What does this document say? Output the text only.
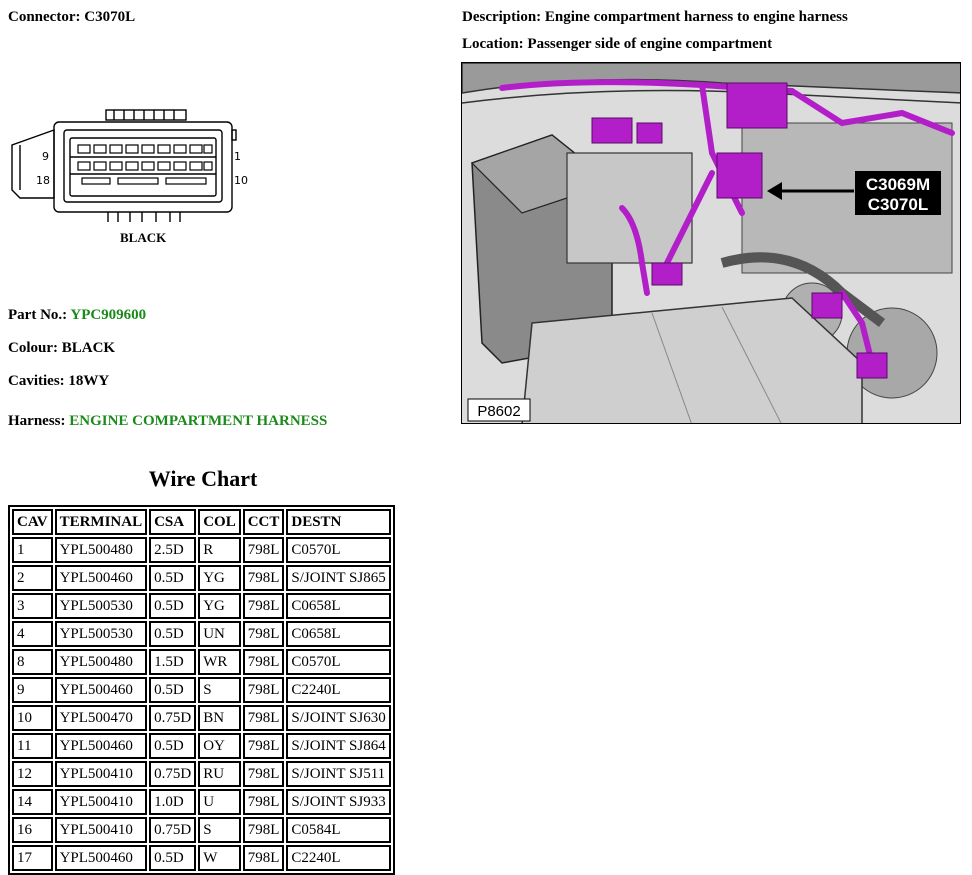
Connector: C3070L	Description: Engine compartment harness to engine harness
Location: Passenger side of engine compartment
9
18
1
10
BLACK
Part No.: YPC909600
Colour: BLACK
Cavities: 18WY
Harness: ENGINE COMPARTMENT HARNESS
C3069M
C3070L
P8602
Wire Chart
CAV	TERMINAL	CSA	COL	CCT	DESTN
1	YPL500480	2.5D	R	798L	C0570L
2	YPL500460	0.5D	YG	798L	S/JOINT SJ865
3	YPL500530	0.5D	YG	798L	C0658L
4	YPL500530	0.5D	UN	798L	C0658L
8	YPL500480	1.5D	WR	798L	C0570L
9	YPL500460	0.5D	S	798L	C2240L
10	YPL500470	0.75D	BN	798L	S/JOINT SJ630
11	YPL500460	0.5D	OY	798L	S/JOINT SJ864
12	YPL500410	0.75D	RU	798L	S/JOINT SJ511
14	YPL500410	1.0D	U	798L	S/JOINT SJ933
16	YPL500410	0.75D	S	798L	C0584L
17	YPL500460	0.5D	W	798L	C2240L
